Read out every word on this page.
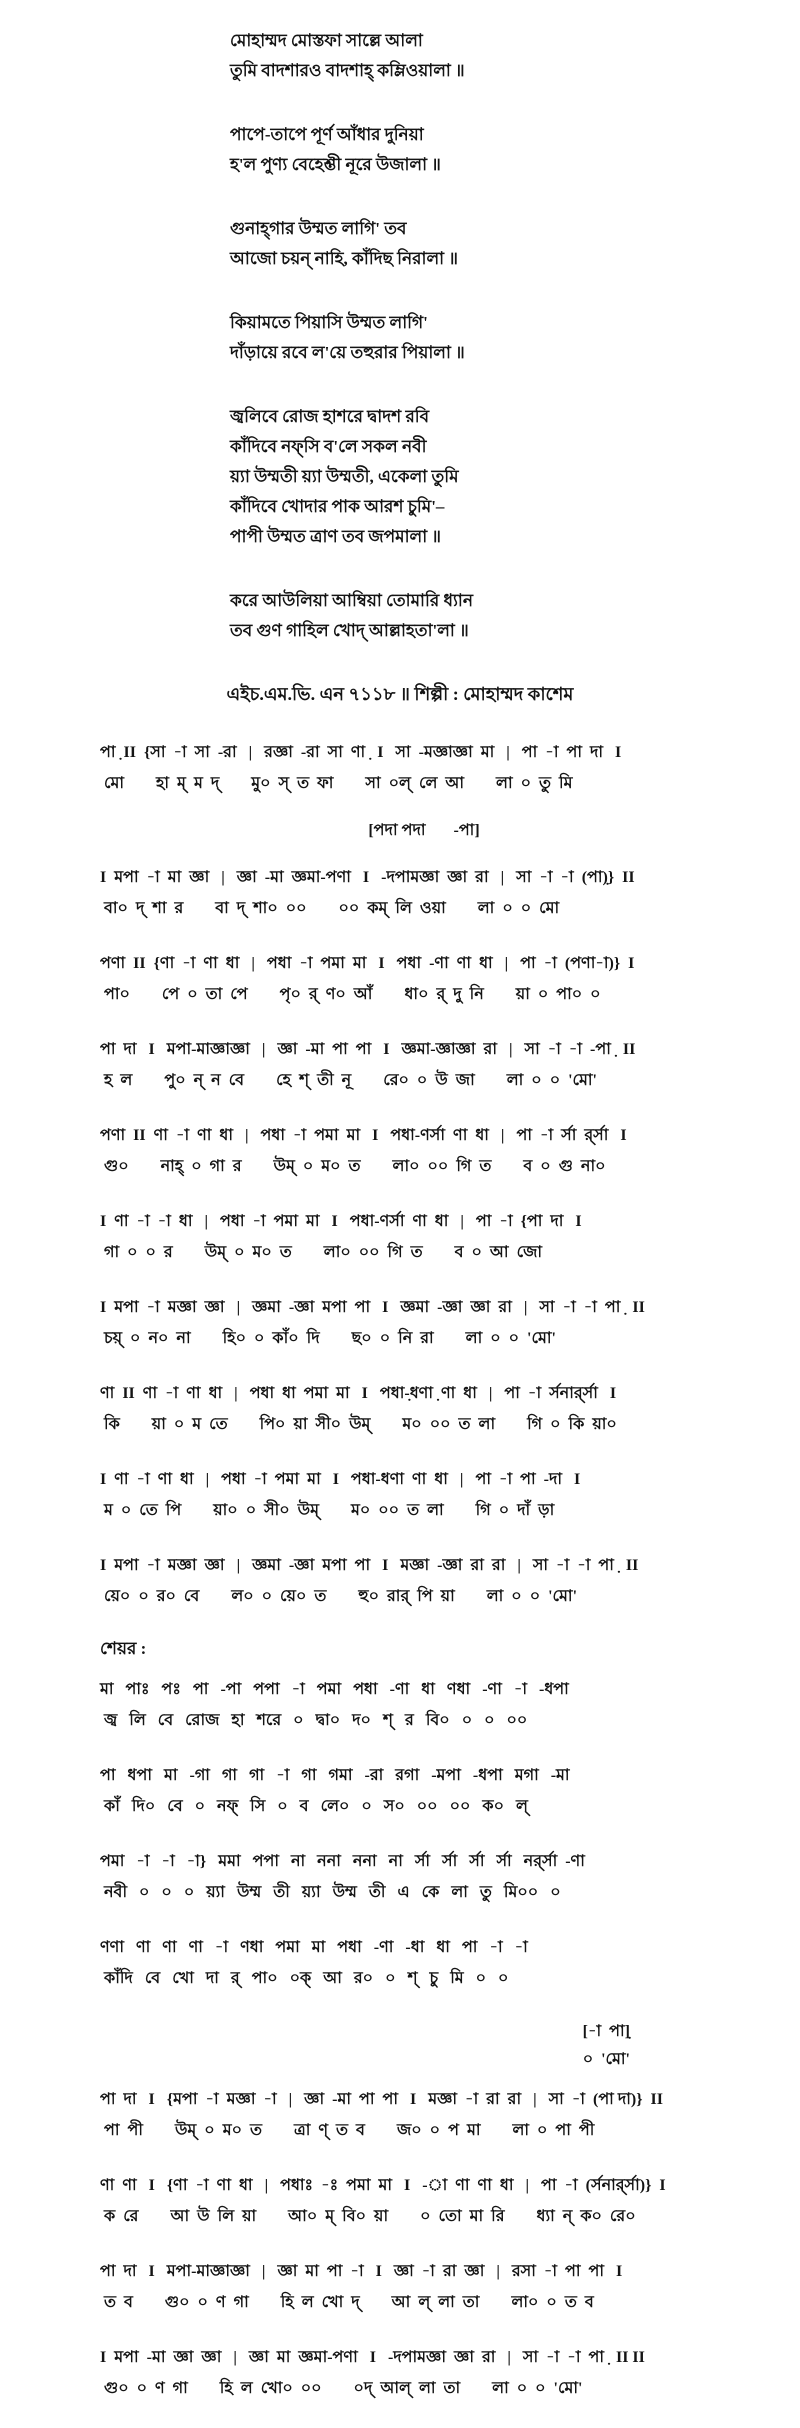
মোহাম্মদ মোস্তফা সাল্লে আলা
তুমি বাদশারও বাদশাহ্ কম্লিওয়ালা ॥
পাপে-তাপে পূর্ণ আঁধার দুনিয়া
হ'ল পুণ্য বেহেশ্তী নূরে উজালা ॥
গুনাহ্‌গার উম্মত লাগি' তব
আজো চয়ন্ নাহি, কাঁদিছ নিরালা ॥
কিয়ামতে পিয়াসি উম্মত লাগি'
দাঁড়ায়ে রবে ল'য়ে তহুরার পিয়ালা ॥
জ্বলিবে রোজ হাশরে দ্বাদশ রবি
কাঁদিবে নফ্‌সি ব'লে সকল নবী
য়্যা উম্মতী য়্যা উম্মতী, একেলা তুমি
কাঁদিবে খোদার পাক আরশ চুমি'–
পাপী উম্মত ত্রাণ তব জপমালা ॥
করে আউলিয়া আম্বিয়া তোমারি ধ্যান
তব গুণ গাহিল খোদ্ আল্লাহতা'লা ॥
এইচ.এম.ভি. এন ৭১১৮ ॥ শিল্পী : মোহাম্মদ কাশেম
পা়  II  {সা  -া  সা  -রা   |   রজ্ঞা  -রা  সা  ণা়   I   সা  -মজ্ঞাজ্ঞা  মা   |   পা  -া  পা  দা   I
মো        হা  ম্  ম  দ্        মু০  স্  ত  ফা        সা  ০ল্  লে  আ        লা  ০  তু  মি
[পদা পদা       -পা]
I  মপা  -া  মা  জ্ঞা   |   জ্ঞা  -মা  জ্ঞমা-পণা   I   -দপামজ্ঞা  জ্ঞা  রা   |   সা  -া  -া  (পা়)}  II
বা০  দ্  শা  র        বা  দ্  শা০  ০০        ০০  কম্  লি  ওয়া        লা  ০  ০  মো
পণা  II  {ণা  -া  ণা  ধা   |   পধা  -া  পমা  মা   I   পধা  -ণা  ণা  ধা   |   পা  -া  (পণা-া)}  I
পা০        পে  ০  তা  পে        পৃ০  র্  ণ০  আঁ        ধা০  র্  দু  নি        য়া  ০  পা০  ০
পা  দা   I   মপা-মাজ্ঞাজ্ঞা   |   জ্ঞা  -মা  পা  পা   I   জ্ঞমা-জ্ঞাজ্ঞা  রা   |   সা  -া  -া  -পা়   II
হ  ল        পু০  ন্  ন  বে        হে  শ্  তী  নূ        রে০  ০  উ  জা        লা  ০  ০  'মো'
পণা  II  ণা  -া  ণা  ধা   |   পধা  -া  পমা  মা   I   পধা-ণর্সা  ণা  ধা   |   পা  -া  র্সা  র্র্সা   I
গু০        নাহ্  ০  গা  র        উম্  ০  ম০  ত        লা০  ০০  গি  ত        ব  ০  গু  না০
I  ণা  -া  -া  ধা   |   পধা  -া  পমা  মা   I   পধা-ণর্সা  ণা  ধা   |   পা  -া  {পা  দা   I
গা  ০  ০  র        উম্  ০  ম০  ত        লা০  ০০  গি  ত        ব  ০  আ  জো
I  মপা  -া  মজ্ঞা  জ্ঞা   |   জ্ঞমা  -জ্ঞা  মপা  পা   I   জ্ঞমা  -জ্ঞা  জ্ঞা  রা   |   সা  -া  -া  পা়   II
চয়্  ০  ন০  না        হি০  ০  কাঁ০  দি        ছ০  ০  নি  রা        লা  ০  ০  'মো'
ণা  II  ণা  -া  ণা  ধা   |   পধা  ধা  পমা  মা   I   পধা়-ধণা়  ণা  ধা   |   পা  -া  র্সনার্র্সা   I
কি        য়া  ০  ম  তে        পি০  য়া  সী০  উম্        ম০  ০০  ত  লা        গি  ০  কি  য়া০
I  ণা  -া  ণা  ধা   |   পধা  -া  পমা  মা   I   পধা-ধণা  ণা  ধা   |   পা  -া  পা  -দা   I
ম  ০  তে  পি        য়া০  ০  সী০  উম্        ম০  ০০  ত  লা        গি  ০  দাঁ  ড়া
I  মপা  -া  মজ্ঞা  জ্ঞা   |   জ্ঞমা  -জ্ঞা  মপা  পা   I   মজ্ঞা  -জ্ঞা  রা  রা   |   সা  -া  -া  পা়   II
য়ে০  ০  র০  বে        ল০  ০  য়ে০  ত        হু০  রার্  পি  য়া        লা  ০  ০  'মো'
শেয়র :
মা   পাঃ   পঃ   পা   -পা   পপা   -া   পমা   পধা   -ণা   ধা   ণধা   -ণা   -া   -ধপা
জ্ব   লি   বে   রোজ   হা   শরে   ০   দ্বা০   দ০   শ্   র   বি০   ০   ০   ০০
পা   ধপা   মা   -গা   গা   গা   -া   গা   গমা   -রা   রগা   -মপা   -ধপা   মগা   -মা
কাঁ   দি০   বে   ০   নফ্   সি   ০   ব   লে০   ০   স০   ০০   ০০   ক০   ল্
পমা   -া   -া   -া}   মমা   পপা   না   ননা   ননা   না   র্সা   র্সা   র্সা   র্সা   নর্র্সা  -ণা
নবী   ০   ০   ০   য়্যা   উম্ম   তী   য়্যা   উম্ম   তী   এ   কে   লা   তু   মি০০   ০
ণণা   ণা   ণা   ণা   -া   ণধা   পমা   মা   পধা   -ণা   -ধা   ধা   পা   -া   -া
কাঁদি   বে   খো   দা   র্   পা০   ০ক্   আ   র০   ০   শ্   চু   মি   ০   ০
[-া  পা়]
০  'মো'
পা  দা   I   {মপা  -া  মজ্ঞা  -া   |   জ্ঞা  -মা  পা  পা   I   মজ্ঞা  -া  রা  রা   |   সা  -া  (পা দা)}  II
পা  পী        উম্  ০  ম০  ত        ত্রা  ণ্  ত  ব        জ০  ০  প  মা        লা  ০  পা  পী
ণা  ণা   I   {ণা  -া  ণা  ধা   |   পধাঃ  -ঃ  পমা  মা   I   -া  ণা  ণা  ধা   |   পা  -া  (র্সনার্র্সা)}  I
ক  রে        আ  উ  লি  য়া        আ০  ম্  বি০  য়া        ০  তো  মা  রি        ধ্যা  ন্  ক০  রে০
পা  দা   I   মপা-মাজ্ঞাজ্ঞা   |   জ্ঞা  মা  পা  -া   I   জ্ঞা  -া  রা  জ্ঞা   |   রসা  -া  পা  পা   I
ত  ব        গু০  ০  ণ  গা        হি  ল  খো  দ্        আ  ল্  লা  তা        লা০  ০  ত  ব
I  মপা  -মা  জ্ঞা  জ্ঞা   |   জ্ঞা  মা  জ্ঞমা-পণা   I   -দপামজ্ঞা  জ্ঞা  রা   |   সা  -া  -া  পা়   II II
গু০  ০  ণ  গা        হি  ল  খো০  ০০        ০দ্  আল্  লা  তা        লা  ০  ০  'মো'
